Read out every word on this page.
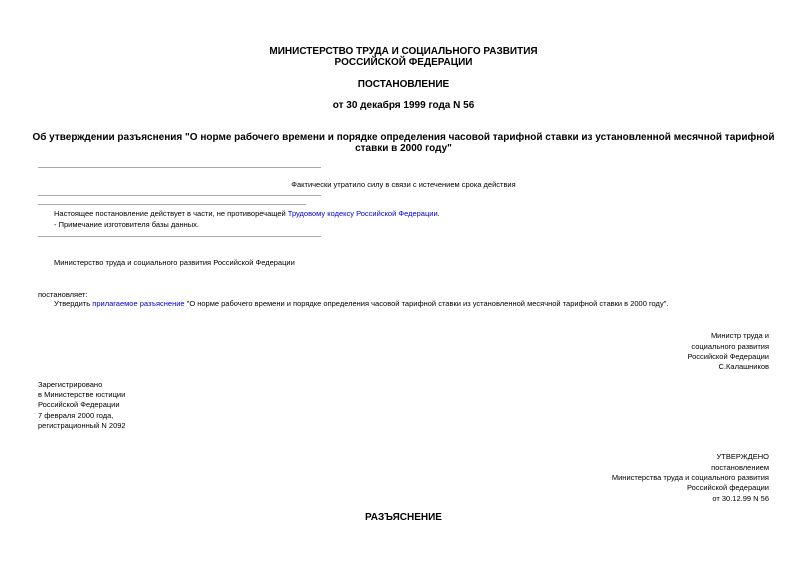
МИНИСТЕРСТВО ТРУДА И СОЦИАЛЬНОГО РАЗВИТИЯ
РОССИЙСКОЙ ФЕДЕРАЦИИ
ПОСТАНОВЛЕНИЕ
от 30 декабря 1999 года N 56
Об утверждении разъяснения "О норме рабочего времени и порядке определения часовой тарифной ставки из установленной месячной тарифной ставки в 2000 году"
Фактически утратило силу в связи с истечением срока действия
Настоящее постановление действует в части, не противоречащей Трудовому кодексу Российской Федерации.
- Примечание изготовителя базы данных.
Министерство труда и социального развития Российской Федерации
постановляет:
Утвердить прилагаемое разъяснение "О норме рабочего времени и порядке определения часовой тарифной ставки из установленной месячной тарифной ставки в 2000 году".
Министр труда и
социального развития
Российской Федерации
С.Калашников
Зарегистрировано
в Министерстве юстиции
Российской Федерации
7 февраля 2000 года,
регистрационный N 2092
УТВЕРЖДЕНО
постановлением
Министерства труда и социального развития
Российской федерации
от 30.12.99 N 56
РАЗЪЯСНЕНИЕ
